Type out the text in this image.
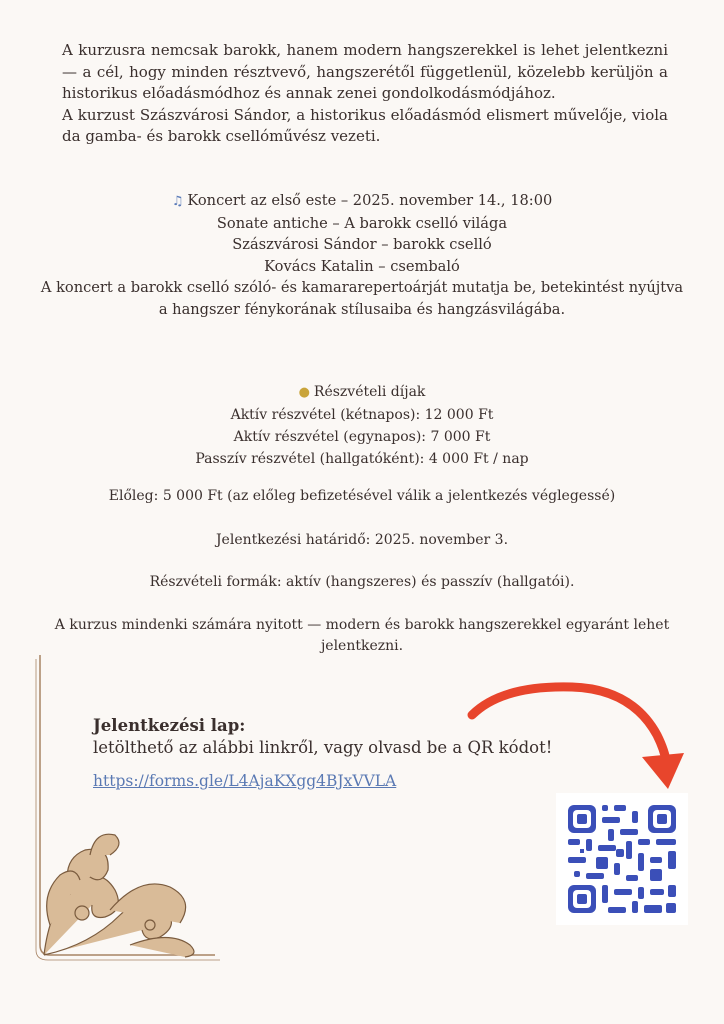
A kurzusra nemcsak barokk, hanem modern hangszerekkel is lehet jelentkezni — a cél, hogy minden résztvevő, hangszerétől függetlenül, közelebb kerüljön a historikus előadásmódhoz és annak zenei gondolkodásmódjához.

A kurzust Szászvárosi Sándor, a historikus előadásmód elismert művelője, viola da gamba- és barokk csellóművész vezeti.

♫ Koncert az első este – 2025. november 14., 18:00

Sonate antiche – A barokk cselló világa

Szászvárosi Sándor – barokk cselló

Kovács Katalin – csembaló

A koncert a barokk cselló szóló- és kamararepertoárját mutatja be, betekintést nyújtva a hangszer fénykorának stílusaiba és hangzásvilágába.

● Részvételi díjak

Aktív részvétel (kétnapos): 12 000 Ft

Aktív részvétel (egynapos): 7 000 Ft

Passzív részvétel (hallgatóként): 4 000 Ft / nap

Előleg: 5 000 Ft (az előleg befizetésével válik a jelentkezés véglegessé)

Jelentkezési határidő: 2025. november 3.

Részvételi formák: aktív (hangszeres) és passzív (hallgatói).

A kurzus mindenki számára nyitott — modern és barokk hangszerekkel egyaránt lehet jelentkezni.

Jelentkezési lap:
letölthető az alábbi linkről, vagy olvasd be a QR kódot!
https://forms.gle/L4AjaKXgg4BJxVVLA
